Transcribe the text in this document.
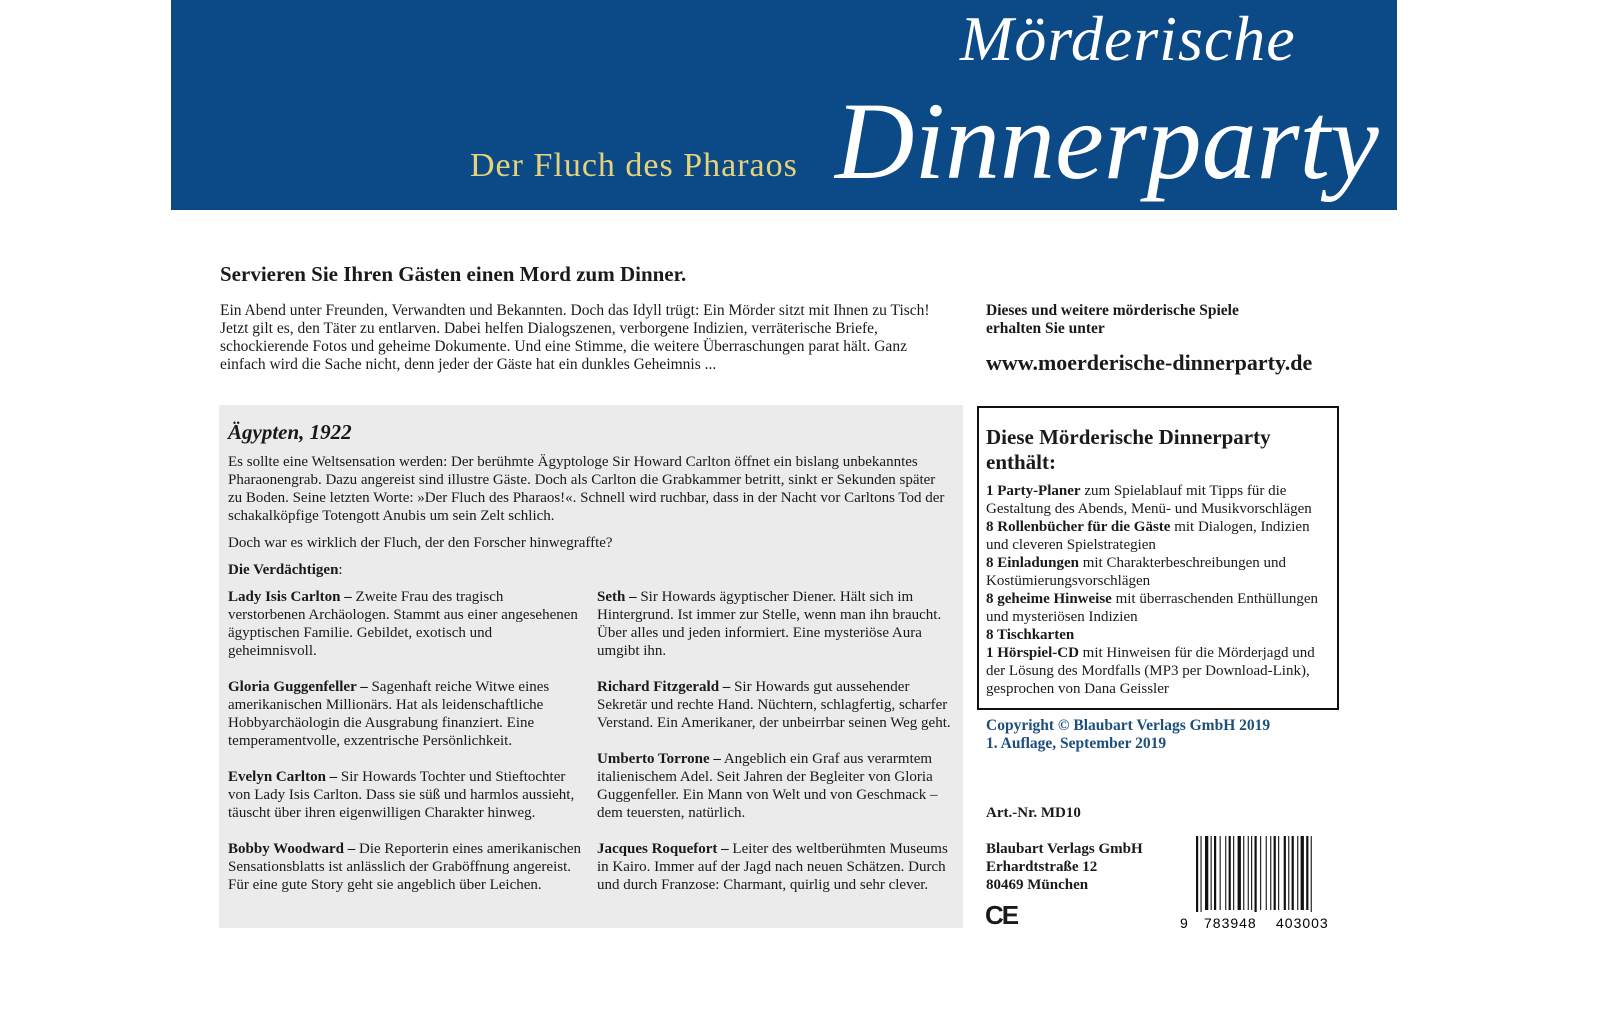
Mörderische
Dinnerparty
Der Fluch des Pharaos
Servieren Sie Ihren Gästen einen Mord zum Dinner.
Ein Abend unter Freunden, Verwandten und Bekannten. Doch das Idyll trügt: Ein Mörder sitzt mit Ihnen zu Tisch! Jetzt gilt es, den Täter zu entlarven. Dabei helfen Dialogszenen, verborgene Indizien, verräterische Briefe, schockierende Fotos und geheime Dokumente. Und eine Stimme, die weitere Überraschungen parat hält. Ganz einfach wird die Sache nicht, denn jeder der Gäste hat ein dunkles Geheimnis ...
Dieses und weitere mörderische Spiele erhalten Sie unter
www.moerderische-dinnerparty.de
Ägypten, 1922
Es sollte eine Weltsensation werden: Der berühmte Ägyptologe Sir Howard Carlton öffnet ein bislang unbekanntes Pharaonengrab. Dazu angereist sind illustre Gäste. Doch als Carlton die Grabkammer betritt, sinkt er Sekunden später zu Boden. Seine letzten Worte: »Der Fluch des Pharaos!«. Schnell wird ruchbar, dass in der Nacht vor Carltons Tod der schakalköpfige Totengott Anubis um sein Zelt schlich.
Doch war es wirklich der Fluch, der den Forscher hinwegraffte?
Die Verdächtigen:

Lady Isis Carlton – Zweite Frau des tragisch verstorbenen Archäologen. Stammt aus einer angesehenen ägyptischen Familie. Gebildet, exotisch und geheimnisvoll.

Gloria Guggenfeller – Sagenhaft reiche Witwe eines amerikanischen Millionärs. Hat als leidenschaftliche Hobbyarchäologin die Ausgrabung finanziert. Eine temperamentvolle, exzentrische Persönlichkeit.

Evelyn Carlton – Sir Howards Tochter und Stieftochter von Lady Isis Carlton. Dass sie süß und harmlos aussieht, täuscht über ihren eigenwilligen Charakter hinweg.

Bobby Woodward – Die Reporterin eines amerikanischen Sensationsblatts ist anlässlich der Graböffnung angereist. Für eine gute Story geht sie angeblich über Leichen.

Seth – Sir Howards ägyptischer Diener. Hält sich im Hintergrund. Ist immer zur Stelle, wenn man ihn braucht. Über alles und jeden informiert. Eine mysteriöse Aura umgibt ihn.

Richard Fitzgerald – Sir Howards gut aussehender Sekretär und rechte Hand. Nüchtern, schlagfertig, scharfer Verstand. Ein Amerikaner, der unbeirrbar seinen Weg geht.

Umberto Torrone – Angeblich ein Graf aus verarmtem italienischem Adel. Seit Jahren der Begleiter von Gloria Guggenfeller. Ein Mann von Welt und von Geschmack – dem teuersten, natürlich.

Jacques Roquefort – Leiter des weltberühmten Museums in Kairo. Immer auf der Jagd nach neuen Schätzen. Durch und durch Franzose: Charmant, quirlig und sehr clever.

Diese Mörderische Dinnerparty enthält:
1 Party-Planer zum Spielablauf mit Tipps für die Gestaltung des Abends, Menü- und Musikvorschlägen
8 Rollenbücher für die Gäste mit Dialogen, Indizien und cleveren Spielstrategien
8 Einladungen mit Charakterbeschreibungen und Kostümierungsvorschlägen
8 geheime Hinweise mit überraschenden Enthüllungen und mysteriösen Indizien
8 Tischkarten
1 Hörspiel-CD mit Hinweisen für die Mörderjagd und der Lösung des Mordfalls (MP3 per Download-Link), gesprochen von Dana Geissler
Copyright © Blaubart Verlags GmbH 2019
1. Auflage, September 2019
Art.-Nr. MD10
Blaubart Verlags GmbH
Erhardtstraße 12
80469 München
CE	9 783948 403003
